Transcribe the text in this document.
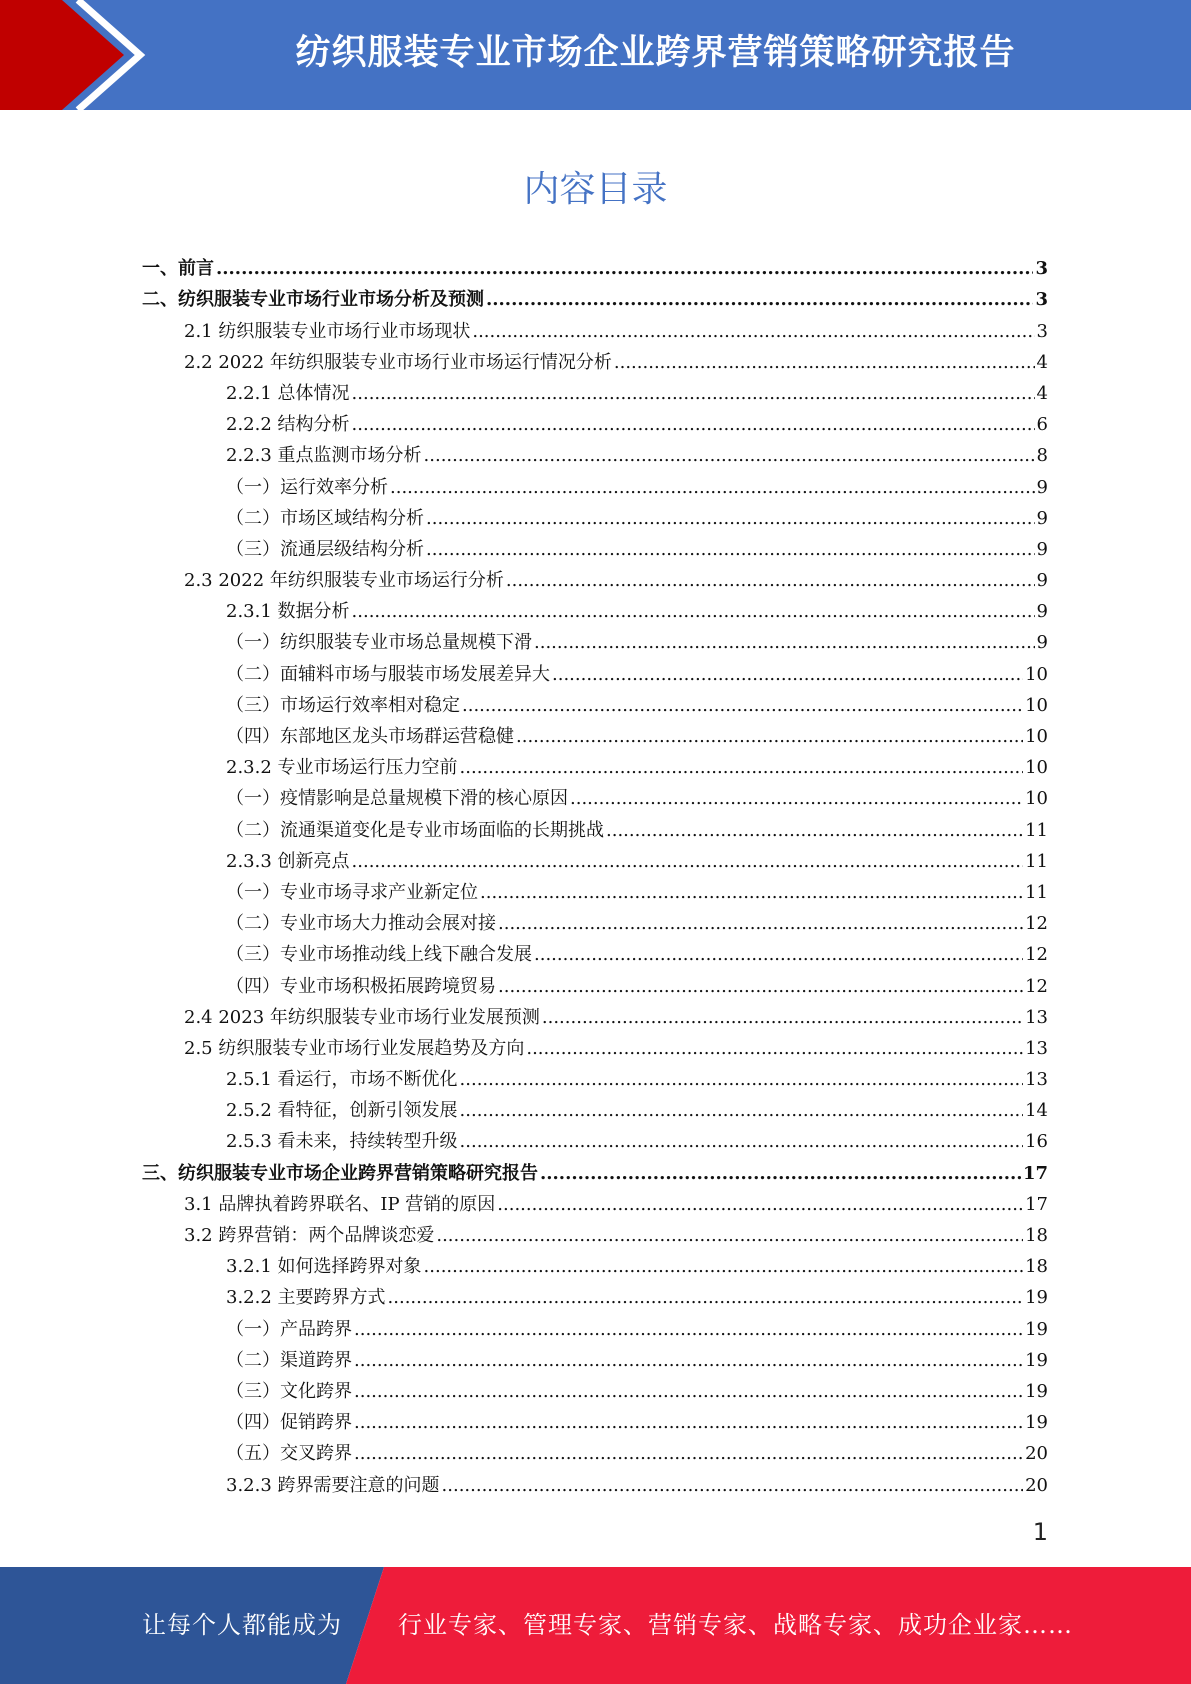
纺织服装专业市场企业跨界营销策略研究报告
内容目录
一、前言 .....	3
二、纺织服装专业市场行业市场分析及预测 .....	3
2.1 纺织服装专业市场行业市场现状 .....	3
2.2 2022 年纺织服装专业市场行业市场运行情况分析 .....	4
2.2.1 总体情况 .....	4
2.2.2 结构分析 .....	6
2.2.3 重点监测市场分析 .....	8
（一）运行效率分析 .....	9
（二）市场区域结构分析 .....	9
（三）流通层级结构分析 .....	9
2.3 2022 年纺织服装专业市场运行分析 .....	9
2.3.1 数据分析 .....	9
（一）纺织服装专业市场总量规模下滑 .....	9
（二）面辅料市场与服装市场发展差异大 .....	10
（三）市场运行效率相对稳定 .....	10
（四）东部地区龙头市场群运营稳健 .....	10
2.3.2 专业市场运行压力空前 .....	10
（一）疫情影响是总量规模下滑的核心原因 .....	10
（二）流通渠道变化是专业市场面临的长期挑战 .....	11
2.3.3 创新亮点 .....	11
（一）专业市场寻求产业新定位 .....	11
（二）专业市场大力推动会展对接 .....	12
（三）专业市场推动线上线下融合发展 .....	12
（四）专业市场积极拓展跨境贸易 .....	12
2.4 2023 年纺织服装专业市场行业发展预测 .....	13
2.5 纺织服装专业市场行业发展趋势及方向 .....	13
2.5.1 看运行，市场不断优化 .....	13
2.5.2 看特征，创新引领发展 .....	14
2.5.3 看未来，持续转型升级 .....	16
三、纺织服装专业市场企业跨界营销策略研究报告 .....	17
3.1 品牌执着跨界联名、IP 营销的原因 .....	17
3.2 跨界营销：两个品牌谈恋爱 .....	18
3.2.1 如何选择跨界对象 .....	18
3.2.2 主要跨界方式 .....	19
（一）产品跨界 .....	19
（二）渠道跨界 .....	19
（三）文化跨界 .....	19
（四）促销跨界 .....	19
（五）交叉跨界 .....	20
3.2.3 跨界需要注意的问题 .....	20
1
让每个人都能成为 行业专家、管理专家、营销专家、战略专家、成功企业家……
